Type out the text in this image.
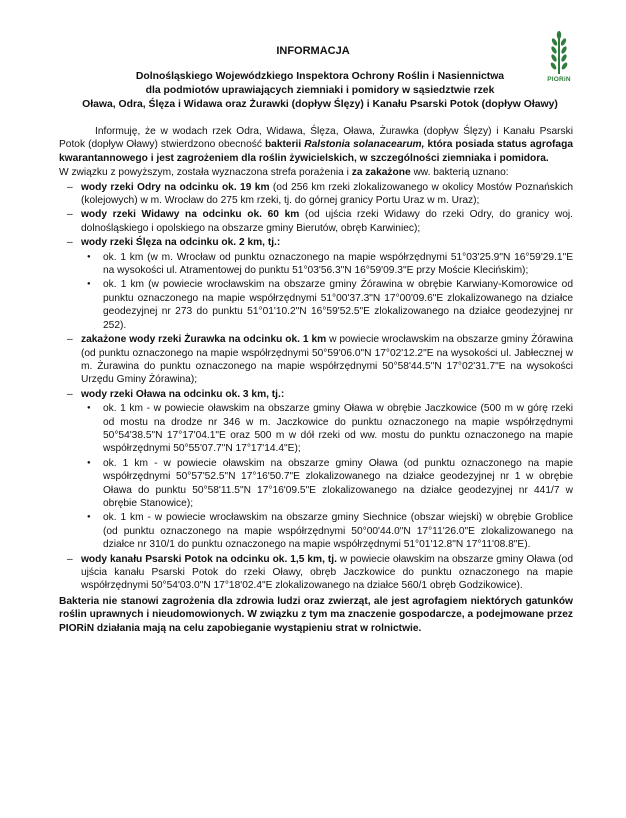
PIORiN
INFORMACJA
Dolnośląskiego Wojewódzkiego Inspektora Ochrony Roślin i Nasiennictwa
dla podmiotów uprawiających ziemniaki i pomidory w sąsiedztwie rzek
Oława, Odra, Ślęza i Widawa oraz Żurawki (dopływ Ślęzy) i Kanału Psarski Potok (dopływ Oławy)

Informuję, że w wodach rzek Odra, Widawa, Ślęza, Oława, Żurawka (dopływ Ślęzy) i Kanału Psarski Potok (dopływ Oławy) stwierdzono obecność bakterii Ralstonia solanacearum, która posiada status agrofaga kwarantannowego i jest zagrożeniem dla roślin żywicielskich, w szczególności ziemniaka i pomidora.

W związku z powyższym, została wyznaczona strefa porażenia i za zakażone ww. bakterią uznano:

– wody rzeki Odry na odcinku ok. 19 km (od 256 km rzeki zlokalizowanego w okolicy Mostów Poznańskich (kolejowych) w m. Wrocław do 275 km rzeki, tj. do górnej granicy Portu Uraz w m. Uraz);
– wody rzeki Widawy na odcinku ok. 60 km (od ujścia rzeki Widawy do rzeki Odry, do granicy woj. dolnośląskiego i opolskiego na obszarze gminy Bierutów, obręb Karwiniec);
– wody rzeki Ślęza na odcinku ok. 2 km, tj.:
● ok. 1 km (w m. Wrocław od punktu oznaczonego na mapie współrzędnymi 51°03'25.9"N 16°59'29.1"E na wysokości ul. Atramentowej do punktu 51°03'56.3"N 16°59'09.3"E przy Moście Klecińskim);
● ok. 1 km (w powiecie wrocławskim na obszarze gminy Żórawina w obrębie Karwiany-Komorowice od punktu oznaczonego na mapie współrzędnymi 51°00'37.3"N 17°00'09.6"E zlokalizowanego na działce geodezyjnej nr 273 do punktu 51°01'10.2"N 16°59'52.5"E zlokalizowanego na działce geodezyjnej nr 252).
– zakażone wody rzeki Żurawka na odcinku ok. 1 km w powiecie wrocławskim na obszarze gminy Żórawina (od punktu oznaczonego na mapie współrzędnymi 50°59'06.0"N 17°02'12.2"E na wysokości ul. Jabłecznej w m. Żurawina do punktu oznaczonego na mapie współrzędnymi 50°58'44.5"N 17°02'31.7"E na wysokości Urzędu Gminy Żórawina);
– wody rzeki Oława na odcinku ok. 3 km, tj.:
● ok. 1 km - w powiecie oławskim na obszarze gminy Oława w obrębie Jaczkowice (500 m w górę rzeki od mostu na drodze nr 346 w m. Jaczkowice do punktu oznaczonego na mapie współrzędnymi 50°54'38.5"N 17°17'04.1"E oraz 500 m w dół rzeki od ww. mostu do punktu oznaczonego na mapie współrzędnymi 50°55'07.7"N 17°17'14.4"E);
● ok. 1 km - w powiecie oławskim na obszarze gminy Oława (od punktu oznaczonego na mapie współrzędnymi 50°57'52.5"N 17°16'50.7"E zlokalizowanego na działce geodezyjnej nr 1 w obrębie Oława do punktu 50°58'11.5"N 17°16'09.5"E zlokalizowanego na działce geodezyjnej nr 441/7 w obrębie Stanowice);
● ok. 1 km - w powiecie wrocławskim na obszarze gminy Siechnice (obszar wiejski) w obrębie Groblice (od punktu oznaczonego na mapie współrzędnymi 50°00'44.0"N 17°11'26.0"E zlokalizowanego na działce nr 310/1 do punktu oznaczonego na mapie współrzędnymi 51°01'12.8"N 17°11'08.8"E).
– wody kanału Psarski Potok na odcinku ok. 1,5 km, tj. w powiecie oławskim na obszarze gminy Oława (od ujścia kanału Psarski Potok do rzeki Oławy, obręb Jaczkowice do punktu oznaczonego na mapie współrzędnymi 50°54'03.0"N 17°18'02.4"E zlokalizowanego na działce 560/1 obręb Godzikowice).

Bakteria nie stanowi zagrożenia dla zdrowia ludzi oraz zwierząt, ale jest agrofagiem niektórych gatunków roślin uprawnych i nieudomowionych. W związku z tym ma znaczenie gospodarcze, a podejmowane przez PIORiN działania mają na celu zapobieganie wystąpieniu strat w rolnictwie.
